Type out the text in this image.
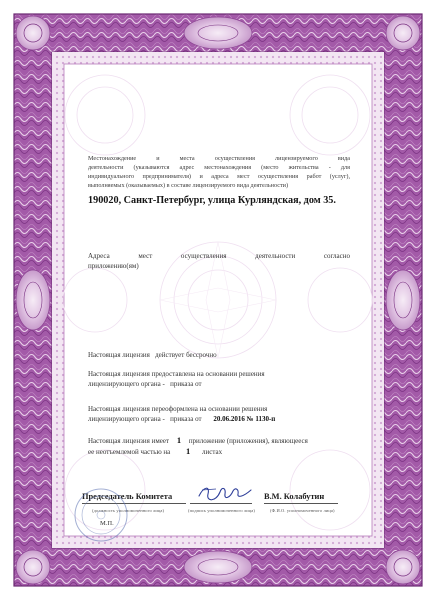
Местонахождение и места осуществления лицензируемого вида
деятельности (указываются адрес местонахождения (место жительства - для
индивидуального предпринимателя) и адреса мест осуществления работ (услуг),
выполняемых (оказываемых) в составе лицензируемого вида деятельности)
190020, Санкт-Петербург, улица Курляндская, дом 35.
Адреса мест осуществления деятельности согласно
приложению(ям)
Настоящая лицензия   действует бессрочно
Настоящая лицензия предоставлена на основании решения
лицензирующего органа -   приказа от
Настоящая лицензия переоформлена на основании решения
лицензирующего органа -   приказа от 20.06.2016 № 1130-п
Настоящая лицензия имеет 1 приложение (приложения), являющееся
ее неотъемлемой частью на 1 листах
Председатель Комитета
(должность уполномоченного лица)	(подпись уполномоченного лица)
В.М. Колабутин
(Ф.И.О. уполномоченного лица)
М.П.
